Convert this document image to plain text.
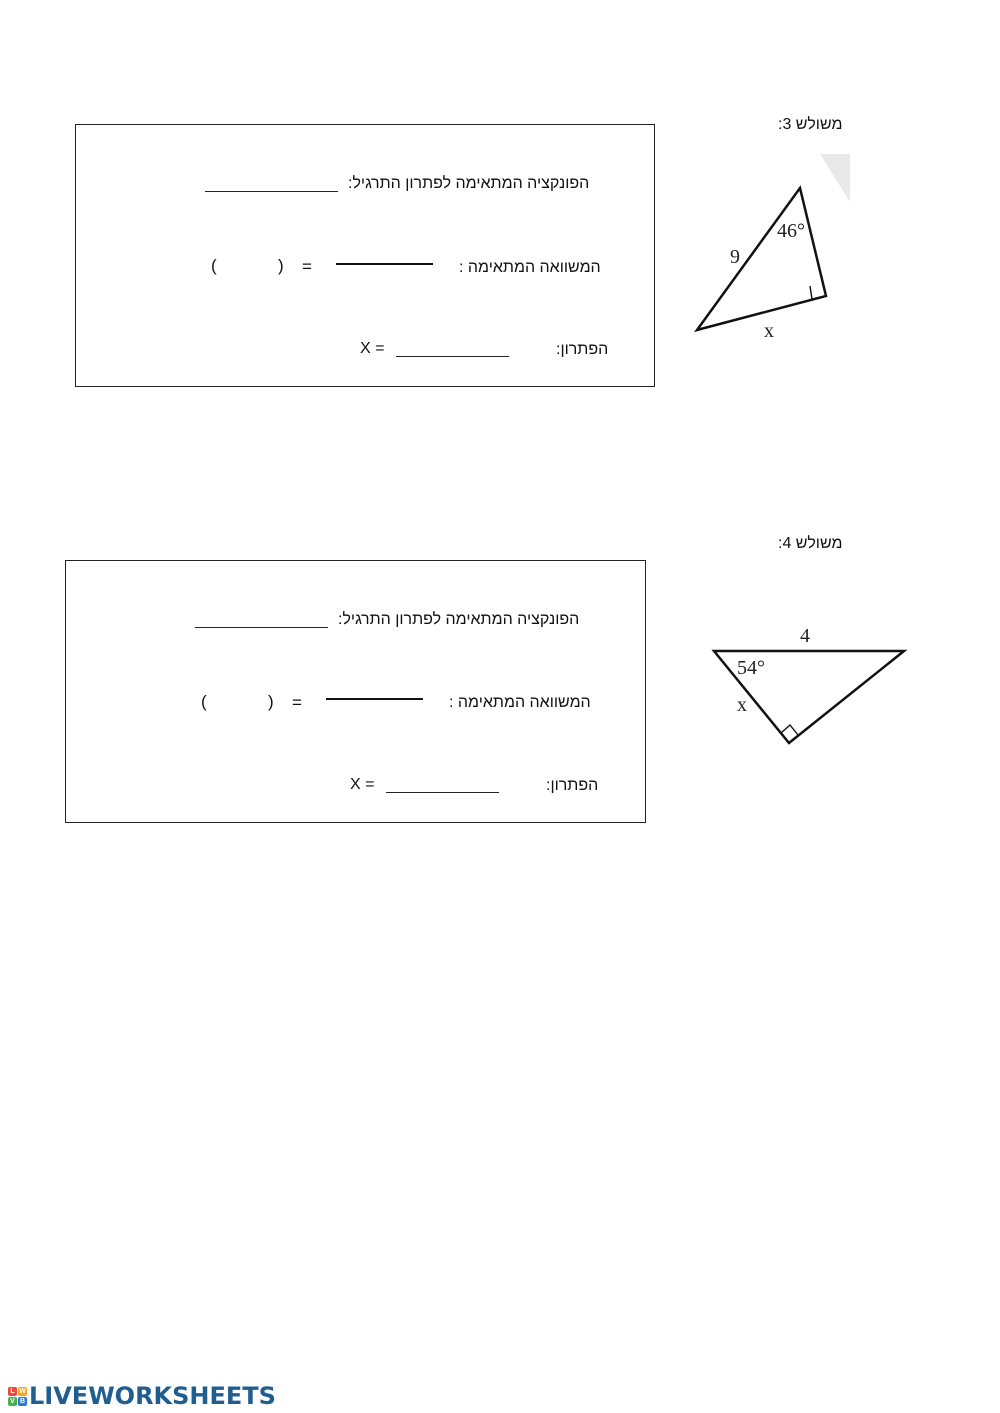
משולש 3:
הפונקציה המתאימה לפתרון התרגיל:
המשוואה המתאימה :
=
)
(
הפתרון:
X =
9
46°
x
משולש 4:
הפונקציה המתאימה לפתרון התרגיל:
המשוואה המתאימה :
=
)
(
הפתרון:
X =
4
54°
x
L W
V B LIVEWORKSHEETS
